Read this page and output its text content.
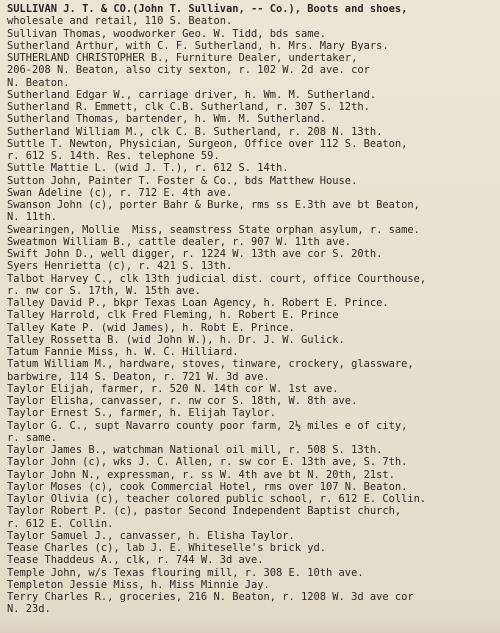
SULLIVAN J. T. & CO.(John T. Sullivan, -- Co.), Boots and shoes,
wholesale and retail, 110 S. Beaton.
Sullivan Thomas, woodworker Geo. W. Tidd, bds same.
Sutherland Arthur, with C. F. Sutherland, h. Mrs. Mary Byars.
SUTHERLAND CHRISTOPHER B., Furniture Dealer, undertaker,
206-208 N. Beaton, also city sexton, r. 102 W. 2d ave. cor
N. Beaton.
Sutherland Edgar W., carriage driver, h. Wm. M. Sutherland.
Sutherland R. Emmett, clk C.B. Sutherland, r. 307 S. 12th.
Sutherland Thomas, bartender, h. Wm. M. Sutherland.
Sutherland William M., clk C. B. Sutherland, r. 208 N. 13th.
Suttle T. Newton, Physician, Surgeon, Office over 112 S. Beaton,
r. 612 S. 14th. Res. telephone 59.
Suttle Mattie L. (wid J. T.), r. 612 S. 14th.
Sutton John, Painter T. Foster & Co., bds Matthew House.
Swan Adeline (c), r. 712 E. 4th ave.
Swanson John (c), porter Bahr & Burke, rms ss E.3th ave bt Beaton,
N. 11th.
Swearingen, Mollie  Miss, seamstress State orphan asylum, r. same.
Sweatmon William B., cattle dealer, r. 907 W. 11th ave.
Swift John D., well digger, r. 1224 W. 13th ave cor S. 20th.
Syers Henrietta (c), r. 421 S. 13th.
Talbot Harvey C., clk 13th judicial dist. court, office Courthouse,
r. nw cor S. 17th, W. 15th ave.
Talley David P., bkpr Texas Loan Agency, h. Robert E. Prince.
Talley Harrold, clk Fred Fleming, h. Robert E. Prince
Talley Kate P. (wid James), h. Robt E. Prince.
Talley Rossetta B. (wid John W.), h. Dr. J. W. Gulick.
Tatum Fannie Miss, h. W. C. Hilliard.
Tatum William M., hardware, stoves, tinware, crockery, glassware,
barbwire, 114 S. Deaton, r. 721 W. 3d ave.
Taylor Elijah, farmer, r. 520 N. 14th cor W. 1st ave.
Taylor Elisha, canvasser, r. nw cor S. 18th, W. 8th ave.
Taylor Ernest S., farmer, h. Elijah Taylor.
Taylor G. C., supt Navarro county poor farm, 2½ miles e of city,
r. same.
Taylor James B., watchman National oil mill, r. 508 S. 13th.
Taylor John (c), wks J. C. Allen, r. sw cor E. 13th ave, S. 7th.
Taylor John N., expressman, r. ss W. 4th ave bt N. 20th, 21st.
Taylor Moses (c), cook Commercial Hotel, rms over 107 N. Beaton.
Taylor Olivia (c), teacher colored public school, r. 612 E. Collin.
Taylor Robert P. (c), pastor Second Independent Baptist church,
r. 612 E. Collin.
Taylor Samuel J., canvasser, h. Elisha Taylor.
Tease Charles (c), lab J. E. Whiteselle's brick yd.
Tease Thaddeus A., clk, r. 744 W. 3d ave.
Temple John, w/s Texas flouring mill, r. 308 E. 10th ave.
Templeton Jessie Miss, h. Miss Minnie Jay.
Terry Charles R., groceries, 216 N. Beaton, r. 1208 W. 3d ave cor
N. 23d.
